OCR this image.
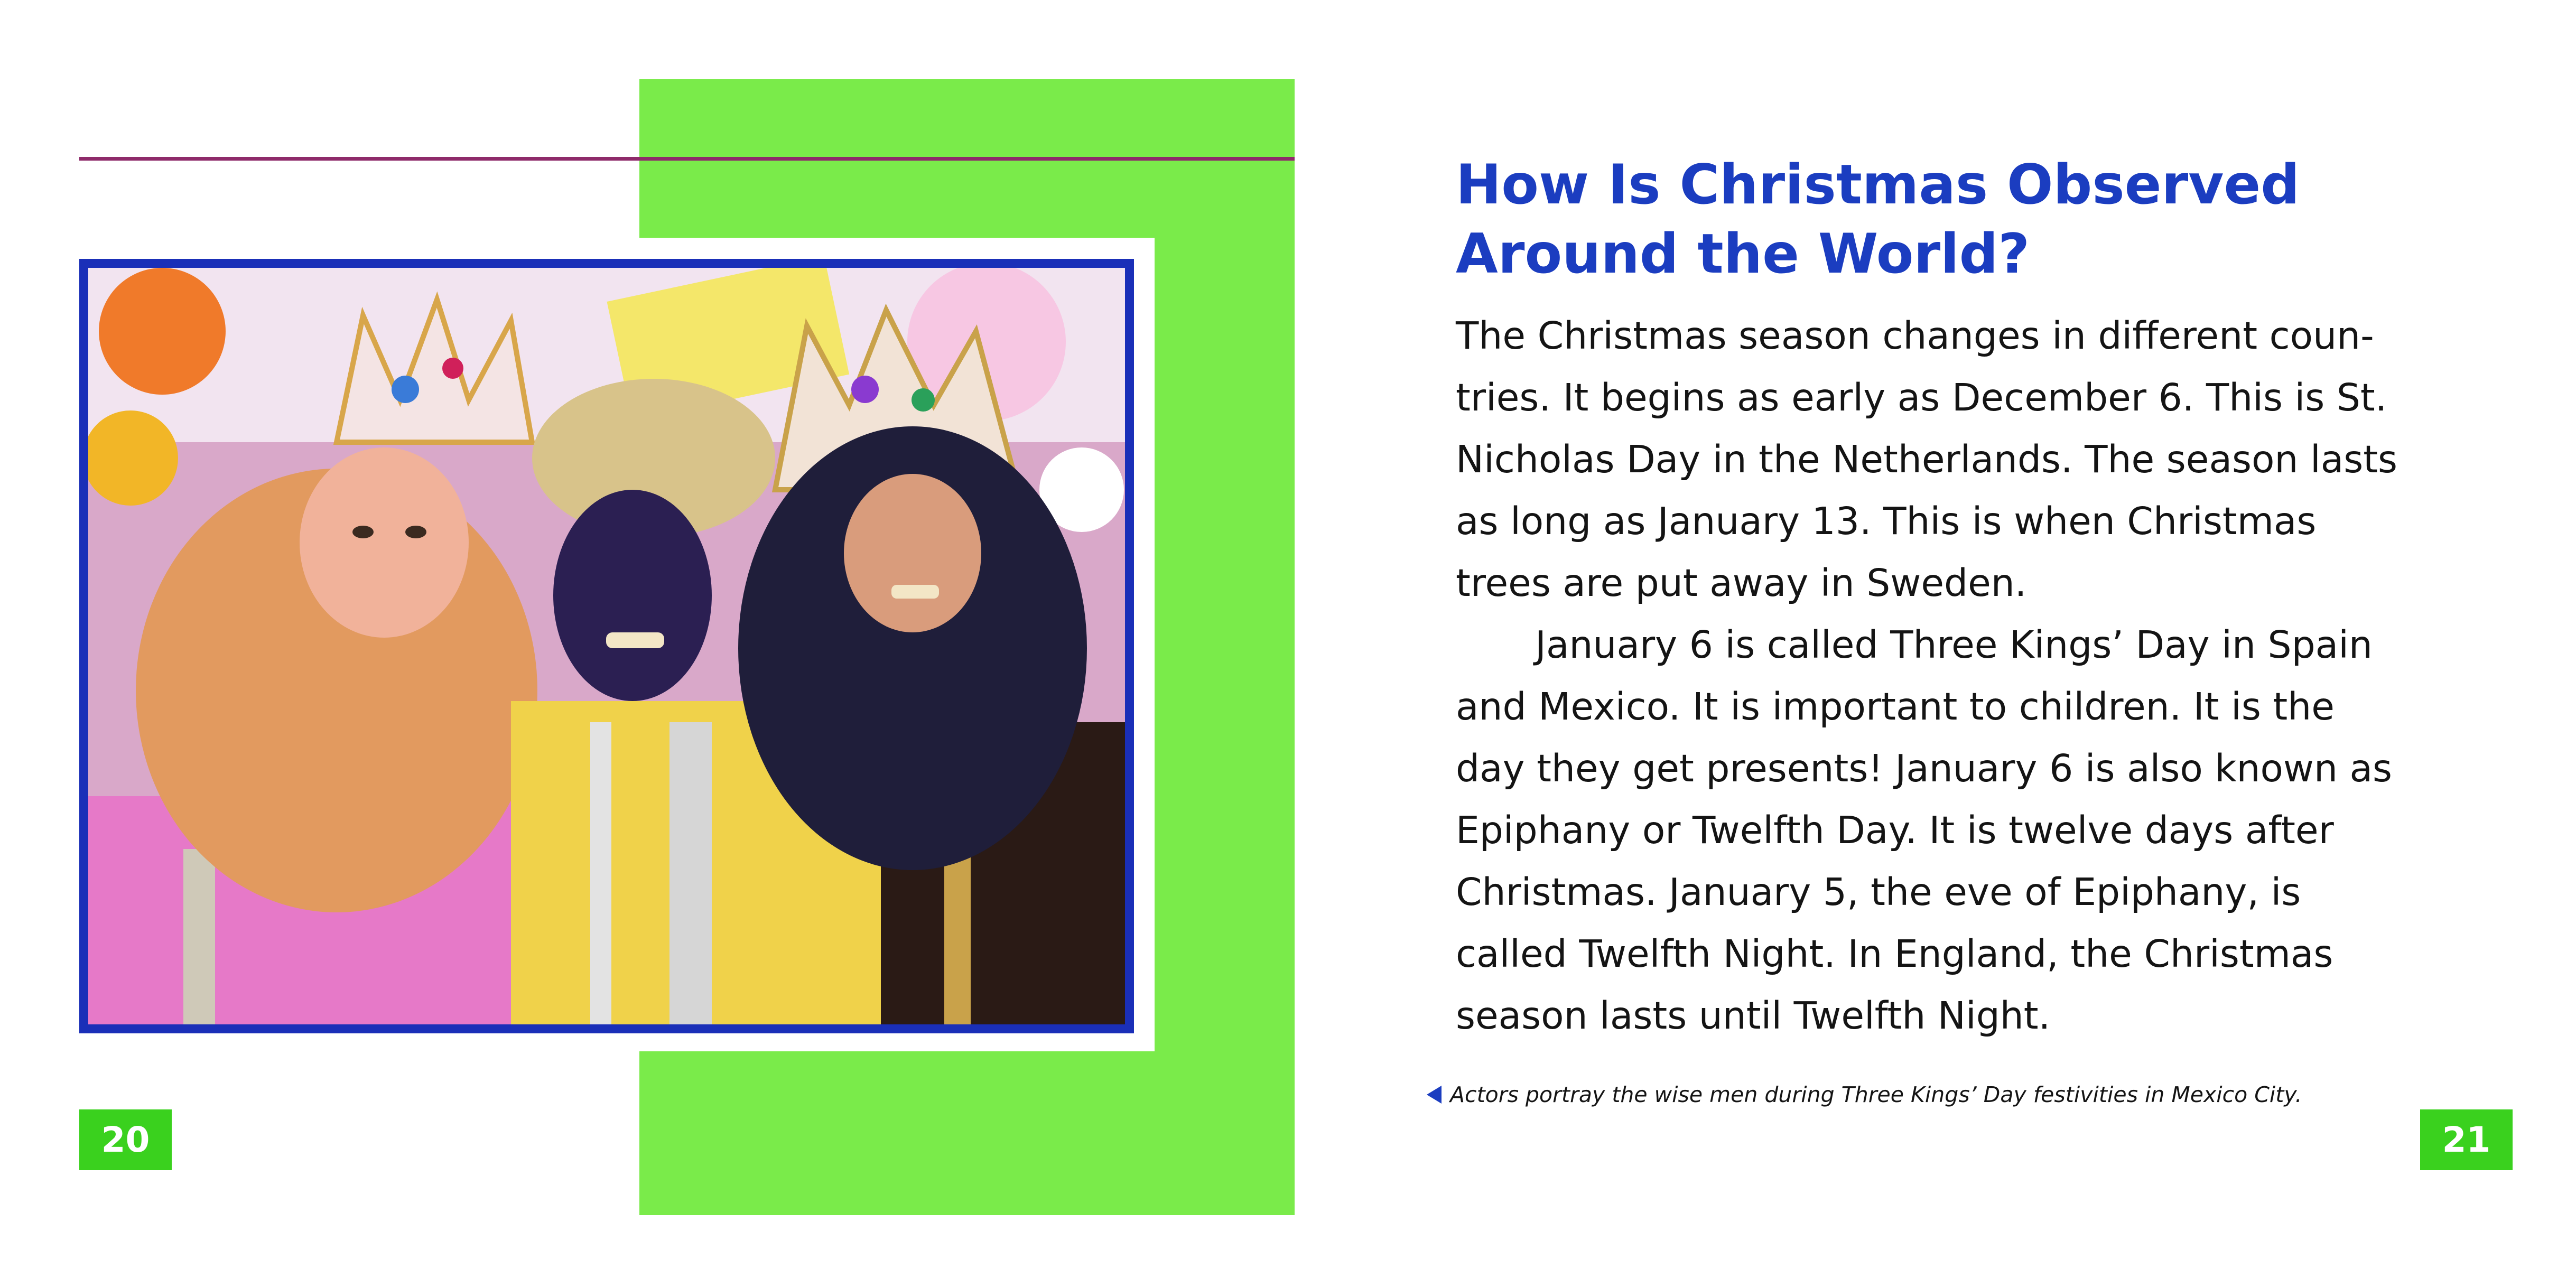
20
How Is Christmas Observed
Around the World?

The Christmas season changes in different coun-
tries. It begins as early as December 6. This is St.
Nicholas Day in the Netherlands. The season lasts
as long as January 13. This is when Christmas
trees are put away in Sweden.

January 6 is called Three Kings’ Day in Spain
and Mexico. It is important to children. It is the
day they get presents! January 6 is also known as
Epiphany or Twelfth Day. It is twelve days after
Christmas. January 5, the eve of Epiphany, is
called Twelfth Night. In England, the Christmas
season lasts until Twelfth Night.

Actors portray the wise men during Three Kings’ Day festivities in Mexico City.
21
